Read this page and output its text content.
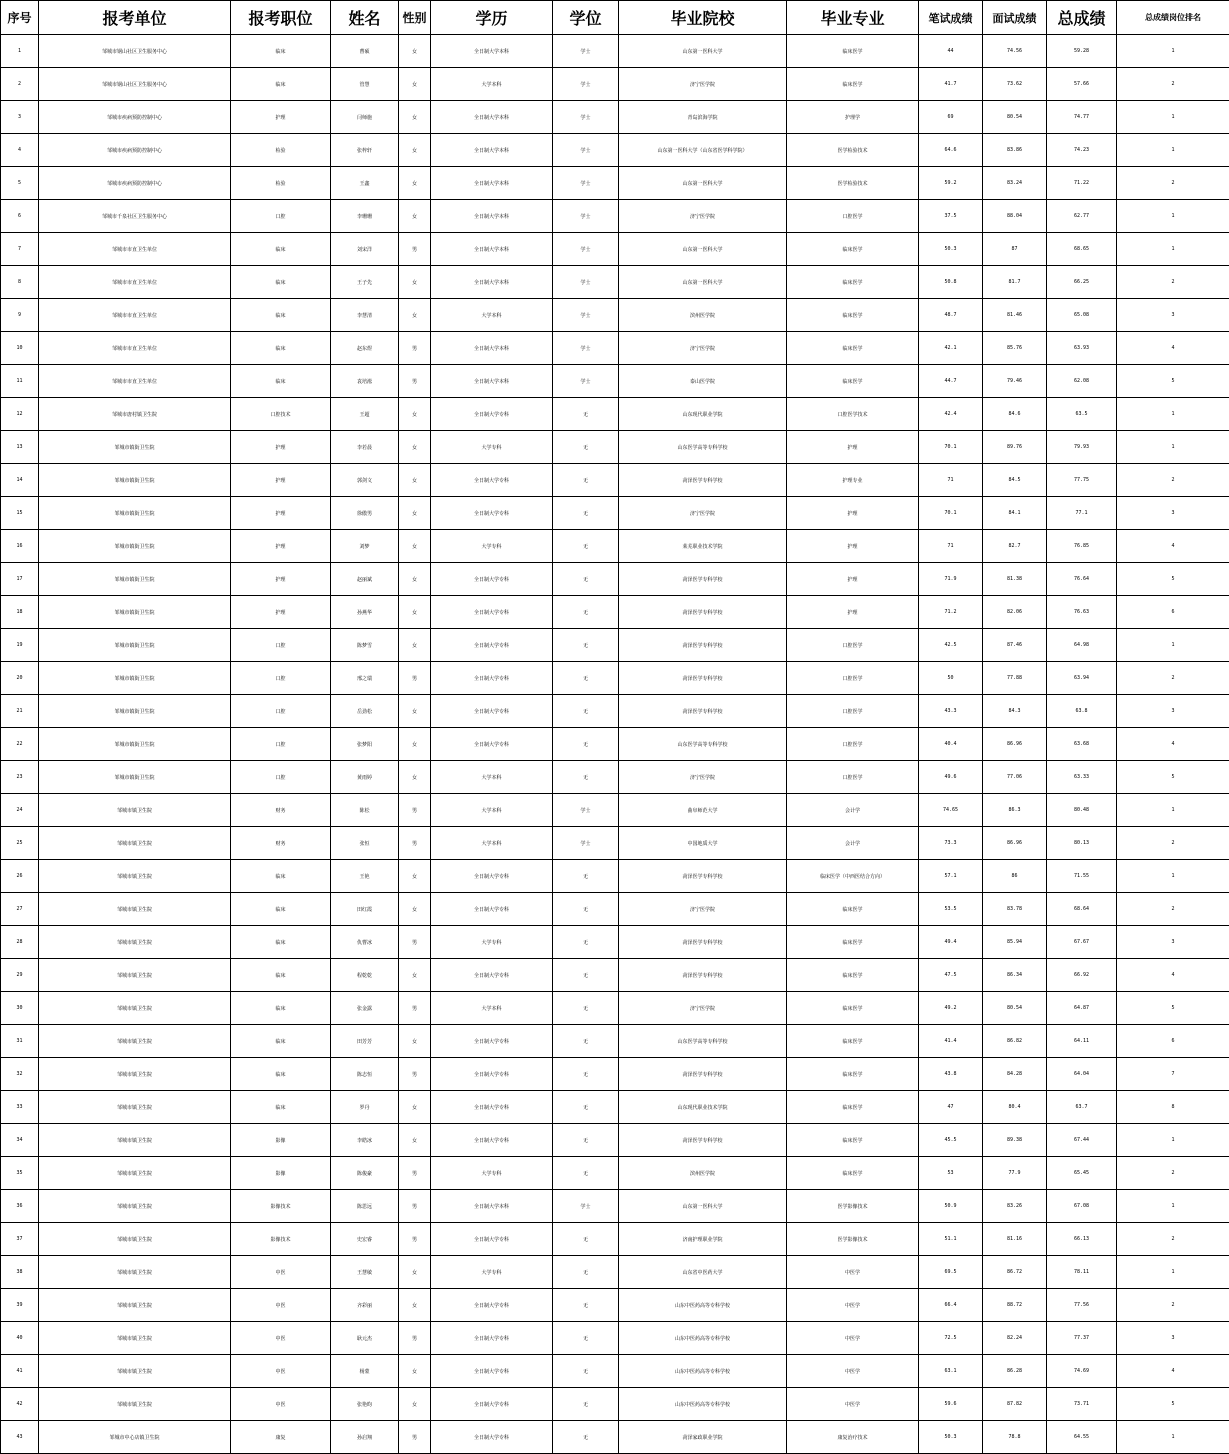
序号	报考单位	报考职位	姓名	性别	学历	学位	毕业院校	毕业专业	笔试成绩	面试成绩	总成绩	总成绩岗位排名
1	邹城市钢山社区卫生服务中心	临床	曹硕	女	全日制大学本科	学士	山东第一医科大学	临床医学	44	74.56	59.28	1
2	邹城市钢山社区卫生服务中心	临床	管慧	女	大学本科	学士	济宁医学院	临床医学	41.7	73.62	57.66	2
3	邹城市疾病预防控制中心	护理	闫师施	女	全日制大学本科	学士	青岛滨海学院	护理学	69	80.54	74.77	1
4	邹城市疾病预防控制中心	检验	张梓轩	女	全日制大学本科	学士	山东第一医科大学（山东省医学科学院）	医学检验技术	64.6	83.86	74.23	1
5	邹城市疾病预防控制中心	检验	王鑫	女	全日制大学本科	学士	山东第一医科大学	医学检验技术	59.2	83.24	71.22	2
6	邹城市千泉社区卫生服务中心	口腔	李珊珊	女	全日制大学本科	学士	济宁医学院	口腔医学	37.5	88.04	62.77	1
7	邹城市市直卫生单位	临床	刘宋洋	男	全日制大学本科	学士	山东第一医科大学	临床医学	50.3	87	68.65	1
8	邹城市市直卫生单位	临床	王子先	女	全日制大学本科	学士	山东第一医科大学	临床医学	50.8	81.7	66.25	2
9	邹城市市直卫生单位	临床	李慧清	女	大学本科	学士	滨州医学院	临床医学	48.7	81.46	65.08	3
10	邹城市市直卫生单位	临床	赵东煜	男	全日制大学本科	学士	济宁医学院	临床医学	42.1	85.76	63.93	4
11	邹城市市直卫生单位	临床	袁培淞	男	全日制大学本科	学士	泰山医学院	临床医学	44.7	79.46	62.08	5
12	邹城市唐村镇卫生院	口腔技术	王超	女	全日制大学专科	无	山东现代职业学院	口腔医学技术	42.4	84.6	63.5	1
13	邹城市镇街卫生院	护理	李若晨	女	大学专科	无	山东医学高等专科学校	护理	70.1	89.76	79.93	1
14	邹城市镇街卫生院	护理	郭剑文	女	全日制大学专科	无	菏泽医学专科学校	护理专业	71	84.5	77.75	2
15	邹城市镇街卫生院	护理	徐傲男	女	全日制大学专科	无	济宁医学院	护理	70.1	84.1	77.1	3
16	邹城市镇街卫生院	护理	刘梦	女	大学专科	无	莱芜职业技术学院	护理	71	82.7	76.85	4
17	邹城市镇街卫生院	护理	赵丽斌	女	全日制大学专科	无	菏泽医学专科学校	护理	71.9	81.38	76.64	5
18	邹城市镇街卫生院	护理	孙燕华	女	全日制大学专科	无	菏泽医学专科学校	护理	71.2	82.06	76.63	6
19	邹城市镇街卫生院	口腔	陈梦雪	女	全日制大学专科	无	菏泽医学专科学校	口腔医学	42.5	87.46	64.98	1
20	邹城市镇街卫生院	口腔	邢之瑞	男	全日制大学专科	无	菏泽医学专科学校	口腔医学	50	77.88	63.94	2
21	邹城市镇街卫生院	口腔	岳劲松	女	全日制大学专科	无	菏泽医学专科学校	口腔医学	43.3	84.3	63.8	3
22	邹城市镇街卫生院	口腔	张梦阳	女	全日制大学专科	无	山东医学高等专科学校	口腔医学	40.4	86.96	63.68	4
23	邹城市镇街卫生院	口腔	黄雨婷	女	大学本科	无	济宁医学院	口腔医学	49.6	77.06	63.33	5
24	邹城市镇卫生院	财务	陈松	男	大学本科	学士	曲阜师范大学	会计学	74.65	86.3	80.48	1
25	邹城市镇卫生院	财务	张恒	男	大学本科	学士	中国地质大学	会计学	73.3	86.96	80.13	2
26	邹城市镇卫生院	临床	王艳	女	全日制大学专科	无	菏泽医学专科学校	临床医学（中西医结合方向）	57.1	86	71.55	1
27	邹城市镇卫生院	临床	田红霞	女	全日制大学专科	无	济宁医学院	临床医学	53.5	83.78	68.64	2
28	邹城市镇卫生院	临床	仇曹冰	男	大学专科	无	菏泽医学专科学校	临床医学	49.4	85.94	67.67	3
29	邹城市镇卫生院	临床	程乾乾	女	全日制大学专科	无	菏泽医学专科学校	临床医学	47.5	86.34	66.92	4
30	邹城市镇卫生院	临床	张金露	男	大学本科	无	济宁医学院	临床医学	49.2	80.54	64.87	5
31	邹城市镇卫生院	临床	田芳芳	女	全日制大学专科	无	山东医学高等专科学校	临床医学	41.4	86.82	64.11	6
32	邹城市镇卫生院	临床	陈志恒	男	全日制大学专科	无	菏泽医学专科学校	临床医学	43.8	84.28	64.04	7
33	邹城市镇卫生院	临床	罗丹	女	全日制大学专科	无	山东现代职业技术学院	临床医学	47	80.4	63.7	8
34	邹城市镇卫生院	影像	李皓冰	女	全日制大学专科	无	菏泽医学专科学校	临床医学	45.5	89.38	67.44	1
35	邹城市镇卫生院	影像	陈俊豪	男	大学专科	无	滨州医学院	临床医学	53	77.9	65.45	2
36	邹城市镇卫生院	影像技术	陈思远	男	全日制大学本科	学士	山东第一医科大学	医学影像技术	50.9	83.26	67.08	1
37	邹城市镇卫生院	影像技术	史宏睿	男	全日制大学专科	无	济南护理职业学院	医学影像技术	51.1	81.16	66.13	2
38	邹城市镇卫生院	中医	王慧敏	女	大学专科	无	山东省中医药大学	中医学	69.5	86.72	78.11	1
39	邹城市镇卫生院	中医	齐彩丽	女	全日制大学专科	无	山东中医药高等专科学校	中医学	66.4	88.72	77.56	2
40	邹城市镇卫生院	中医	耿元杰	男	全日制大学专科	无	山东中医药高等专科学校	中医学	72.5	82.24	77.37	3
41	邹城市镇卫生院	中医	杨蒙	女	全日制大学专科	无	山东中医药高等专科学校	中医学	63.1	86.28	74.69	4
42	邹城市镇卫生院	中医	张艳昀	女	全日制大学专科	无	山东中医药高等专科学校	中医学	59.6	87.82	73.71	5
43	邹城市中心店镇卫生院	康复	孙启翔	男	全日制大学专科	无	菏泽家政职业学院	康复治疗技术	50.3	78.8	64.55	1
